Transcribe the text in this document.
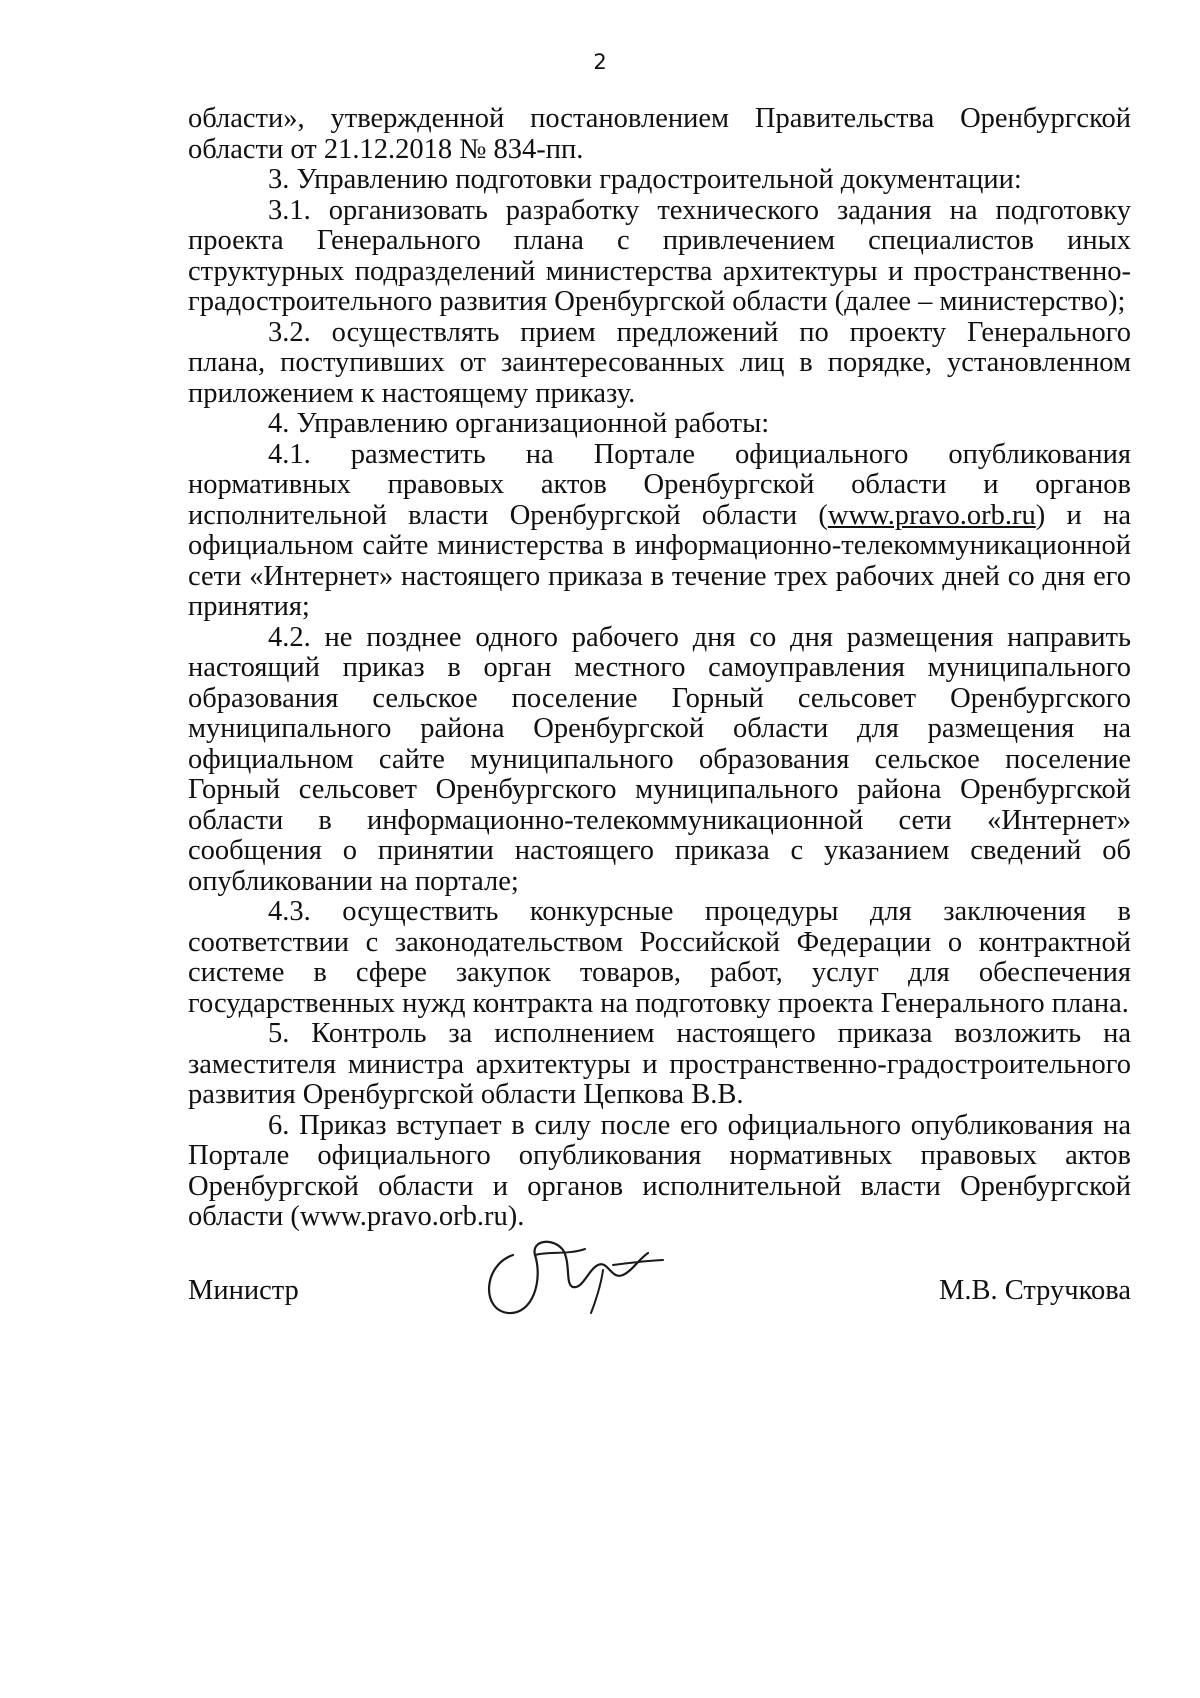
2

области», утвержденной постановлением Правительства Оренбургской области от 21.12.2018 № 834-пп.

3. Управлению подготовки градостроительной документации:

3.1. организовать разработку технического задания на подготовку проекта Генерального плана с привлечением специалистов иных структурных подразделений министерства архитектуры и пространственно-градостроительного развития Оренбургской области (далее – министерство);

3.2. осуществлять прием предложений по проекту Генерального плана, поступивших от заинтересованных лиц в порядке, установленном приложением к настоящему приказу.

4. Управлению организационной работы:

4.1. разместить на Портале официального опубликования нормативных правовых актов Оренбургской области и органов исполнительной власти Оренбургской области (www.pravo.orb.ru) и на официальном сайте министерства в информационно-телекоммуникационной сети «Интернет» настоящего приказа в течение трех рабочих дней со дня его принятия;

4.2. не позднее одного рабочего дня со дня размещения направить настоящий приказ в орган местного самоуправления муниципального образования сельское поселение Горный сельсовет Оренбургского муниципального района Оренбургской области для размещения на официальном сайте муниципального образования сельское поселение Горный сельсовет Оренбургского муниципального района Оренбургской области в информационно-телекоммуникационной сети «Интернет» сообщения о принятии настоящего приказа с указанием сведений об опубликовании на портале;

4.3. осуществить конкурсные процедуры для заключения в соответствии с законодательством Российской Федерации о контрактной системе в сфере закупок товаров, работ, услуг для обеспечения государственных нужд контракта на подготовку проекта Генерального плана.

5. Контроль за исполнением настоящего приказа возложить на заместителя министра архитектуры и пространственно-градостроительного развития Оренбургской области Цепкова В.В.

6. Приказ вступает в силу после его официального опубликования на Портале официального опубликования нормативных правовых актов Оренбургской области и органов исполнительной власти Оренбургской области (www.pravo.orb.ru).

Министр	М.В. Стручкова
